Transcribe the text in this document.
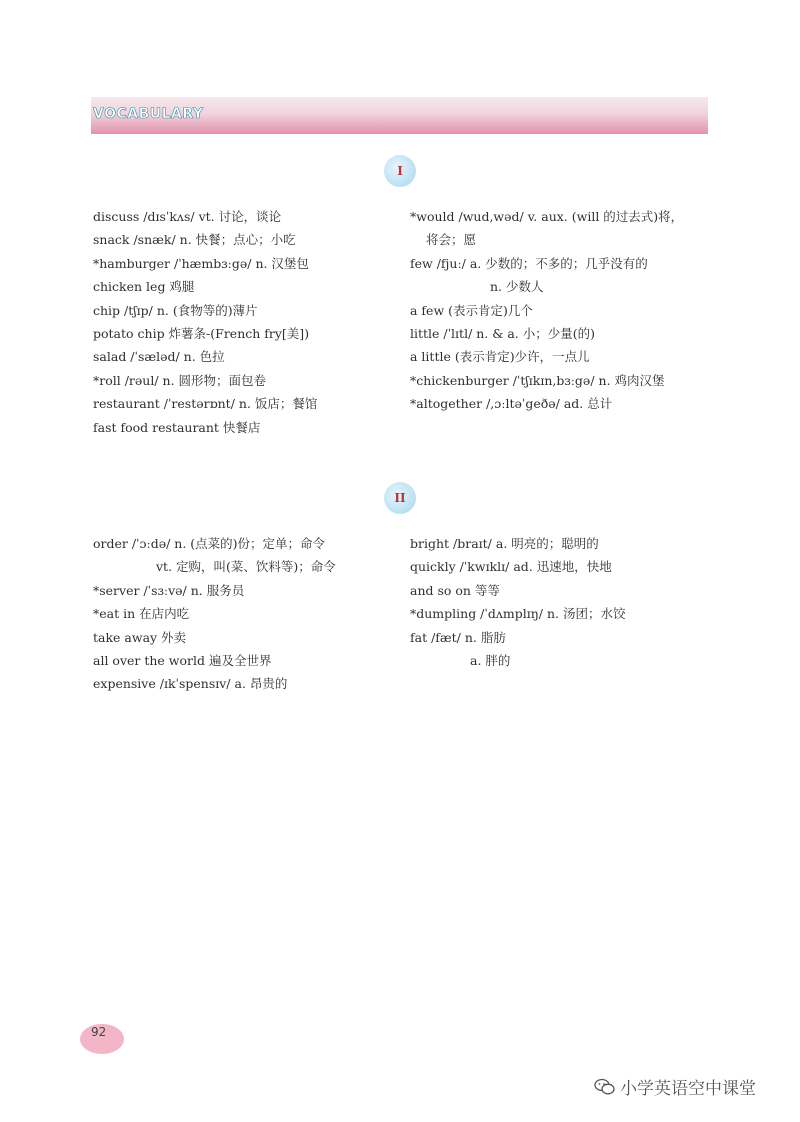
VOCABULARY
I
discuss /dɪsˈkʌs/ vt. 讨论，谈论
snack /snæk/ n. 快餐；点心；小吃
*hamburger /ˈhæmbɜːgə/ n. 汉堡包
chicken leg 鸡腿
chip /tʃɪp/ n. (食物等的)薄片
potato chip 炸薯条-(French fry[美])
salad /ˈsæləd/ n. 色拉
*roll /rəul/ n. 圆形物；面包卷
restaurant /ˈrestərɒnt/ n. 饭店；餐馆
fast food restaurant 快餐店
*would /wud,wəd/ v. aux. (will 的过去式)将，
将会；愿
few /fjuː/ a. 少数的；不多的；几乎没有的
n. 少数人
a few (表示肯定)几个
little /ˈlɪtl/ n. & a. 小；少量(的)
a little (表示肯定)少许，一点儿
*chickenburger /ˈtʃɪkɪn,bɜːgə/ n. 鸡肉汉堡
*altogether /,ɔːltəˈgeðə/ ad. 总计
II
order /ˈɔːdə/ n. (点菜的)份；定单；命令
vt. 定购，叫(菜、饮料等)；命令
*server /ˈsɜːvə/ n. 服务员
*eat in 在店内吃
take away 外卖
all over the world 遍及全世界
expensive /ɪkˈspensɪv/ a. 昂贵的
bright /braɪt/ a. 明亮的；聪明的
quickly /ˈkwɪklɪ/ ad. 迅速地，快地
and so on 等等
*dumpling /ˈdʌmplɪŋ/ n. 汤团；水饺
fat /fæt/ n. 脂肪
a. 胖的
92
小学英语空中课堂
